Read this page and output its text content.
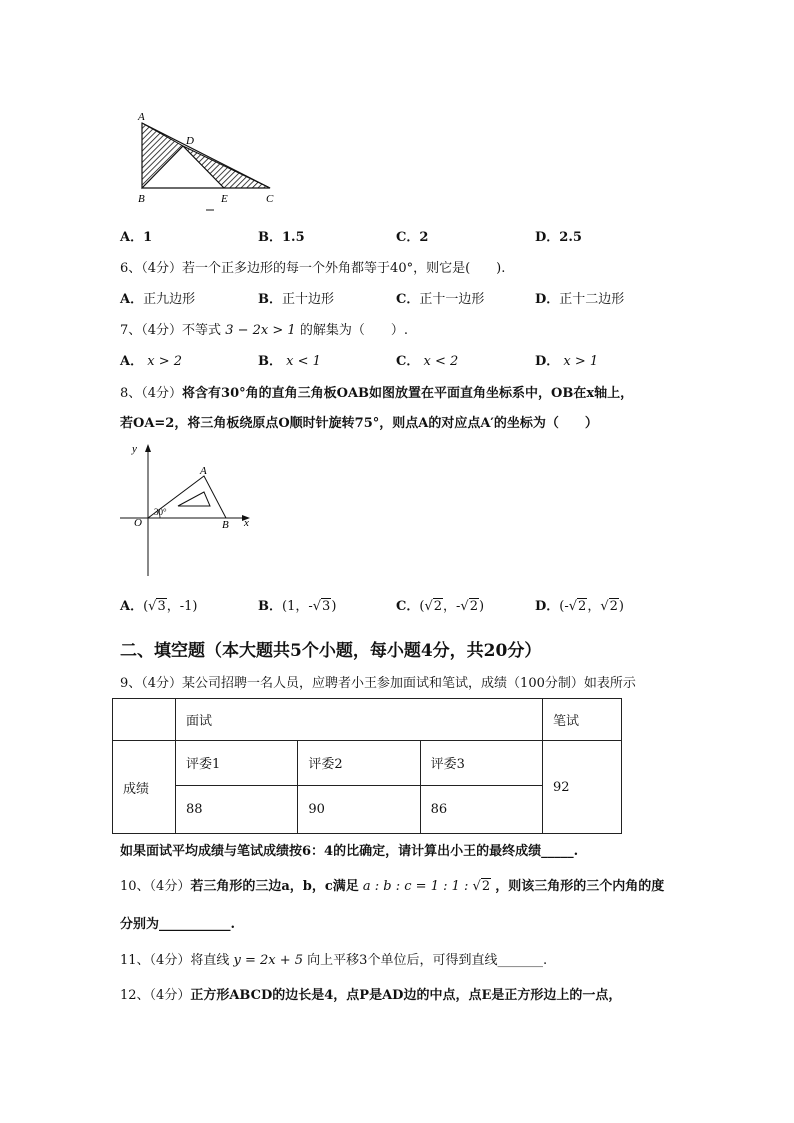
A
D
B	E	C
A．1	B．1.5	C．2	D．2.5
6、（4分）若一个正多边形的每一个外角都等于40°，则它是(　　).
A．正九边形	B．正十边形	C．正十一边形	D．正十二边形
7、（4分）不等式 3 − 2x > 1 的解集为（　　）.
A． x > 2	B． x < 1	C． x < 2	D． x > 1
8、（4分）将含有30°角的直角三角板OAB如图放置在平面直角坐标系中，OB在x轴上，
若OA=2，将三角板绕原点O顺时针旋转75°，则点A的对应点A′的坐标为（　　）
y
A
O	B x
30°
A．(√3，-1)	B．(1，-√3)	C．(√2，-√2)	D．(-√2，√2)
二、填空题（本大题共5个小题，每小题4分，共20分）
9、（4分）某公司招聘一名人员，应聘者小王参加面试和笔试，成绩（100分制）如表所示
	面试			笔试
成绩	评委1	评委2	评委3	92
	88	90	86	
如果面试平均成绩与笔试成绩按6：4的比确定，请计算出小王的最终成绩_____.
10、（4分）若三角形的三边a，b，c满足 a : b : c = 1 : 1 : √2 ，则该三角形的三个内角的度
分别为___________.
11、（4分）将直线 y = 2x + 5 向上平移3个单位后，可得到直线_______.
12、（4分）正方形ABCD的边长是4，点P是AD边的中点，点E是正方形边上的一点，
